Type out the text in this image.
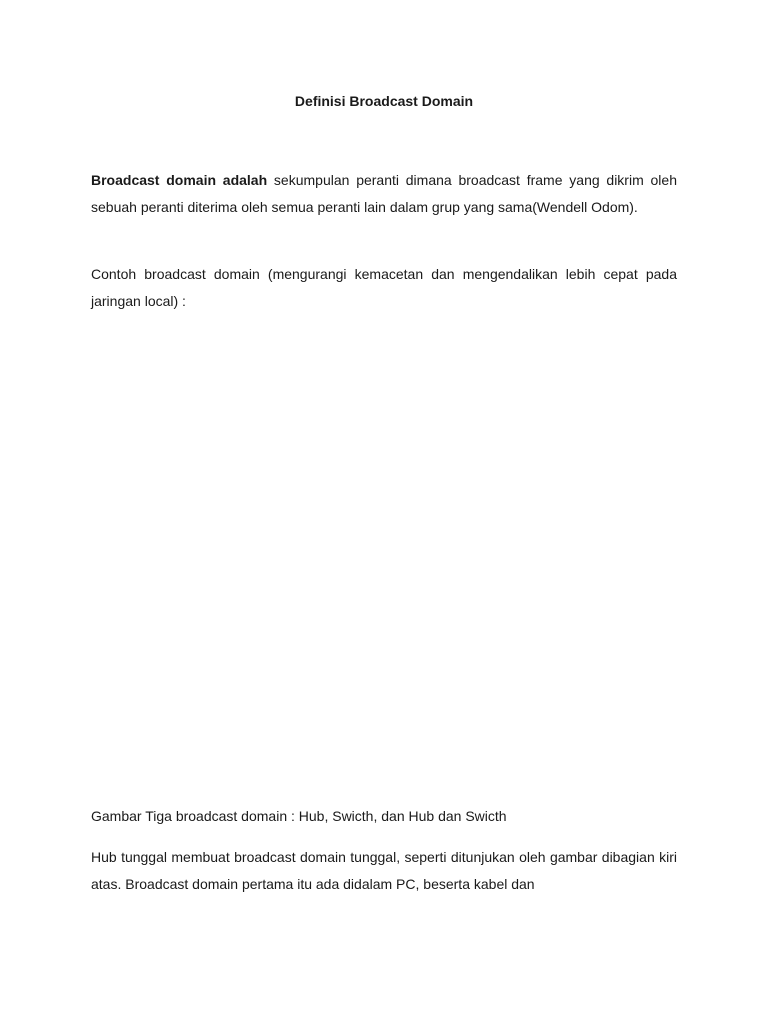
Definisi Broadcast Domain

Broadcast domain adalah sekumpulan peranti dimana broadcast frame yang dikrim oleh sebuah peranti diterima oleh semua peranti lain dalam grup yang sama(Wendell Odom).

Contoh broadcast domain (mengurangi kemacetan dan mengendalikan lebih cepat pada jaringan local) :

Gambar Tiga broadcast domain : Hub, Swicth, dan Hub dan Swicth

Hub tunggal membuat broadcast domain tunggal, seperti ditunjukan oleh gambar dibagian kiri atas. Broadcast domain pertama itu ada didalam PC, beserta kabel dan
